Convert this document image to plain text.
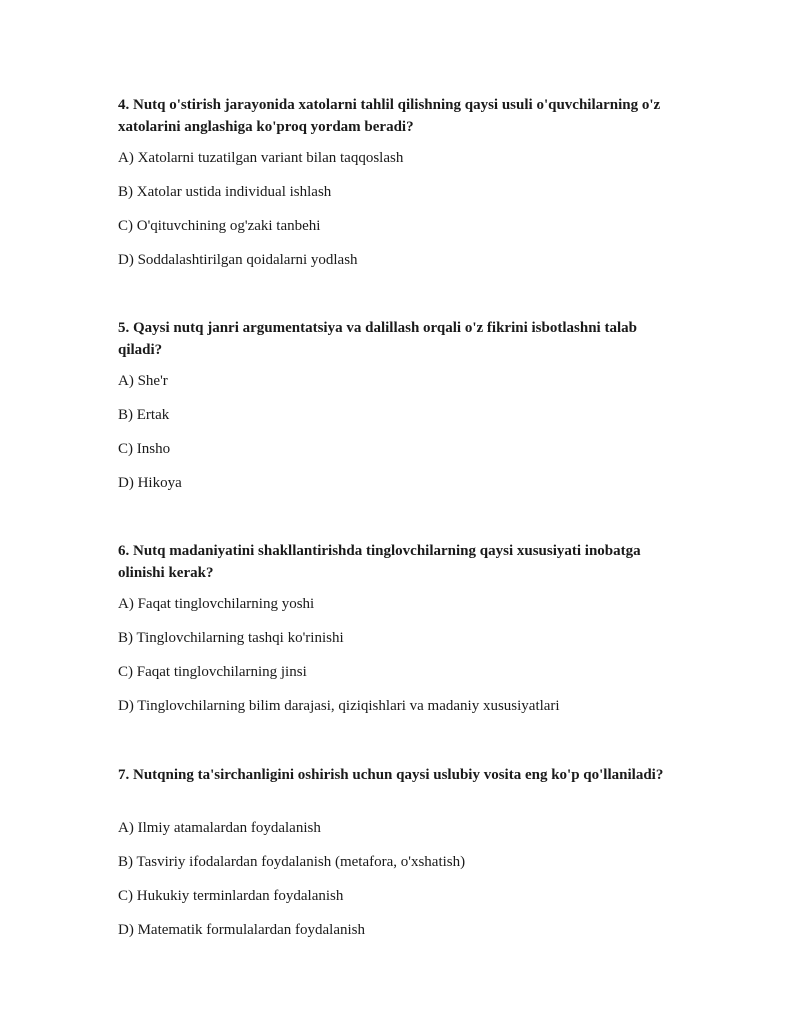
4. Nutq o'stirish jarayonida xatolarni tahlil qilishning qaysi usuli o'quvchilarning o'z xatolarini anglashiga ko'proq yordam beradi?

A) Xatolarni tuzatilgan variant bilan taqqoslash

B) Xatolar ustida individual ishlash

C) O'qituvchining og'zaki tanbehi

D) Soddalashtirilgan qoidalarni yodlash

5. Qaysi nutq janri argumentatsiya va dalillash orqali o'z fikrini isbotlashni talab qiladi?

A) She'r

B) Ertak

C) Insho

D) Hikoya

6. Nutq madaniyatini shakllantirishda tinglovchilarning qaysi xususiyati inobatga olinishi kerak?

A) Faqat tinglovchilarning yoshi

B) Tinglovchilarning tashqi ko'rinishi

C) Faqat tinglovchilarning jinsi

D) Tinglovchilarning bilim darajasi, qiziqishlari va madaniy xususiyatlari

7. Nutqning ta'sirchanligini oshirish uchun qaysi uslubiy vosita eng ko'p qo'llaniladi?

A) Ilmiy atamalardan foydalanish

B) Tasviriy ifodalardan foydalanish (metafora, o'xshatish)

C) Hukukiy terminlardan foydalanish

D) Matematik formulalardan foydalanish
